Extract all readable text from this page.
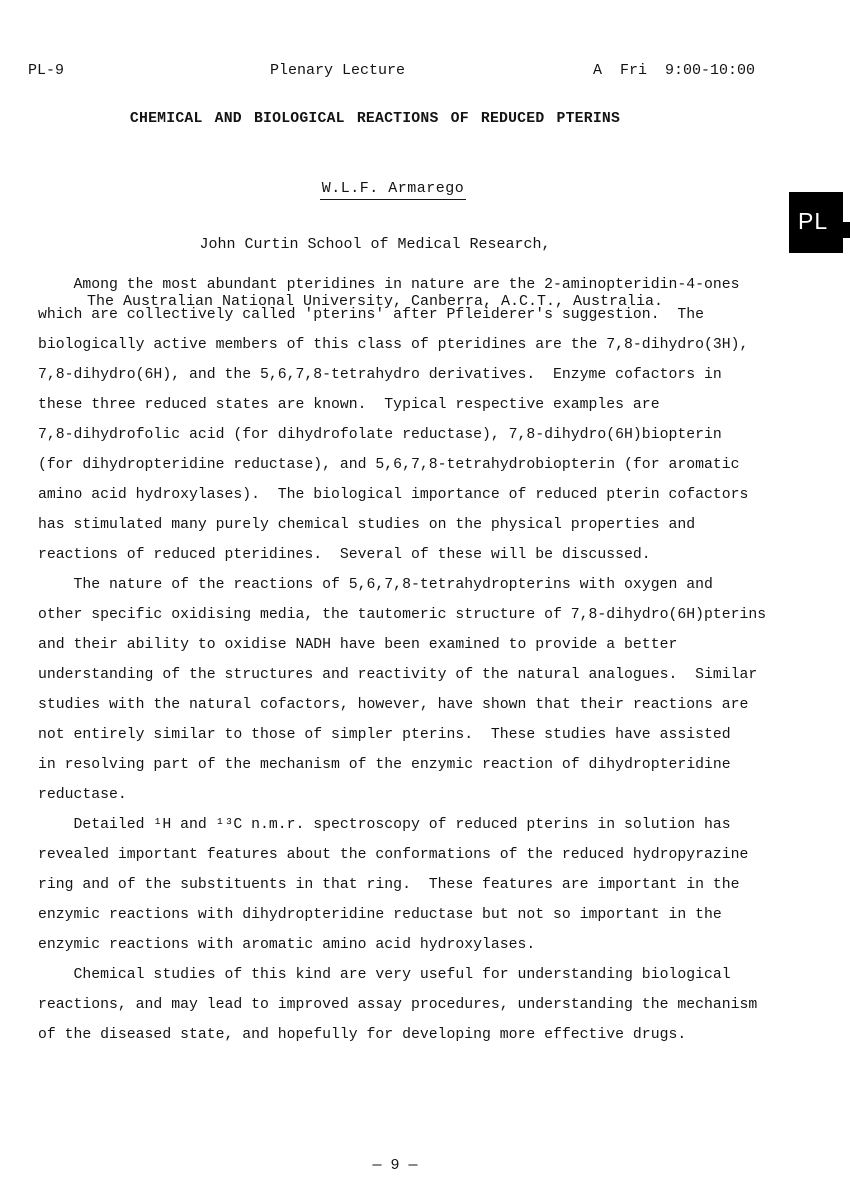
PL-9	Plenary Lecture	A  Fri  9:00-10:00
CHEMICAL AND BIOLOGICAL REACTIONS OF REDUCED PTERINS

W.L.F. Armarego

John Curtin School of Medical Research,

The Australian National University, Canberra, A.C.T., Australia.

PL
Among the most abundant pteridines in nature are the 2-aminopteridin-4-ones
which are collectively called 'pterins' after Pfleiderer's suggestion.  The
biologically active members of this class of pteridines are the 7,8-dihydro(3H),
7,8-dihydro(6H), and the 5,6,7,8-tetrahydro derivatives.  Enzyme cofactors in
these three reduced states are known.  Typical respective examples are
7,8-dihydrofolic acid (for dihydrofolate reductase), 7,8-dihydro(6H)biopterin
(for dihydropteridine reductase), and 5,6,7,8-tetrahydrobiopterin (for aromatic
amino acid hydroxylases).  The biological importance of reduced pterin cofactors
has stimulated many purely chemical studies on the physical properties and
reactions of reduced pteridines.  Several of these will be discussed.
The nature of the reactions of 5,6,7,8-tetrahydropterins with oxygen and
other specific oxidising media, the tautomeric structure of 7,8-dihydro(6H)pterins
and their ability to oxidise NADH have been examined to provide a better
understanding of the structures and reactivity of the natural analogues.  Similar
studies with the natural cofactors, however, have shown that their reactions are
not entirely similar to those of simpler pterins.  These studies have assisted
in resolving part of the mechanism of the enzymic reaction of dihydropteridine
reductase.
Detailed ¹H and ¹³C n.m.r. spectroscopy of reduced pterins in solution has
revealed important features about the conformations of the reduced hydropyrazine
ring and of the substituents in that ring.  These features are important in the
enzymic reactions with dihydropteridine reductase but not so important in the
enzymic reactions with aromatic amino acid hydroxylases.
Chemical studies of this kind are very useful for understanding biological
reactions, and may lead to improved assay procedures, understanding the mechanism
of the diseased state, and hopefully for developing more effective drugs.
— 9 —
